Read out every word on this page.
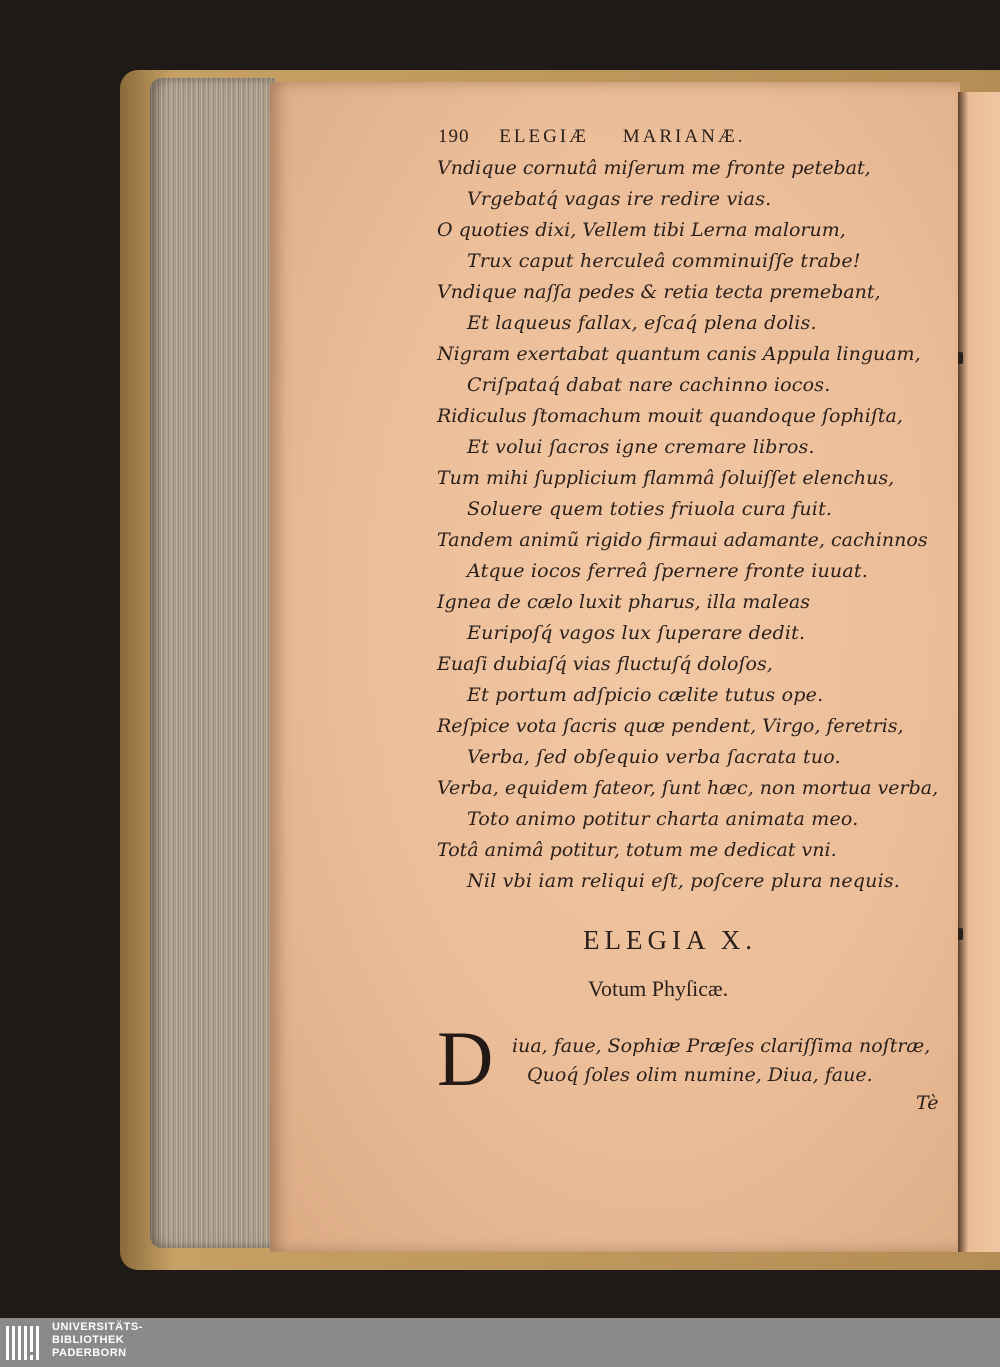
190 ELEGIÆ MARIANÆ.
Vndique cornutâ miſerum me fronte petebat,
Vrgebatq́ vagas ire redire vias.
O quoties dixi, Vellem tibi Lerna malorum,
Trux caput herculeâ comminuiſſe trabe!
Vndique naſſa pedes & retia tecta premebant,
Et laqueus fallax, eſcaq́ plena dolis.
Nigram exertabat quantum canis Appula linguam,
Criſpataq́ dabat nare cachinno iocos.
Ridiculus ſtomachum mouit quandoque ſophiſta,
Et volui ſacros igne cremare libros.
Tum mihi ſupplicium flammâ ſoluiſſet elenchus,
Soluere quem toties friuola cura fuit.
Tandem animũ rigido firmaui adamante, cachinnos
Atque iocos ferreâ ſpernere fronte iuuat.
Ignea de cælo luxit pharus, illa maleas
Euripoſq́ vagos lux ſuperare dedit.
Euaſi dubiaſq́ vias fluctuſq́ doloſos,
Et portum adſpicio cælite tutus ope.
Reſpice vota ſacris quæ pendent, Virgo, feretris,
Verba, ſed obſequio verba ſacrata tuo.
Verba, equidem fateor, ſunt hæc, non mortua verba,
Toto animo potitur charta animata meo.
Totâ animâ potitur, totum me dedicat vni.
Nil vbi iam reliqui eſt, poſcere plura nequis.
ELEGIA X.
Votum Phyſicæ.
D iua, faue, Sophiæ Præſes clariſſima noſtræ,
Quoq́ ſoles olim numine, Diua, faue.
Tè
UNIVERSITÄTS-
BIBLIOTHEK
PADERBORN
